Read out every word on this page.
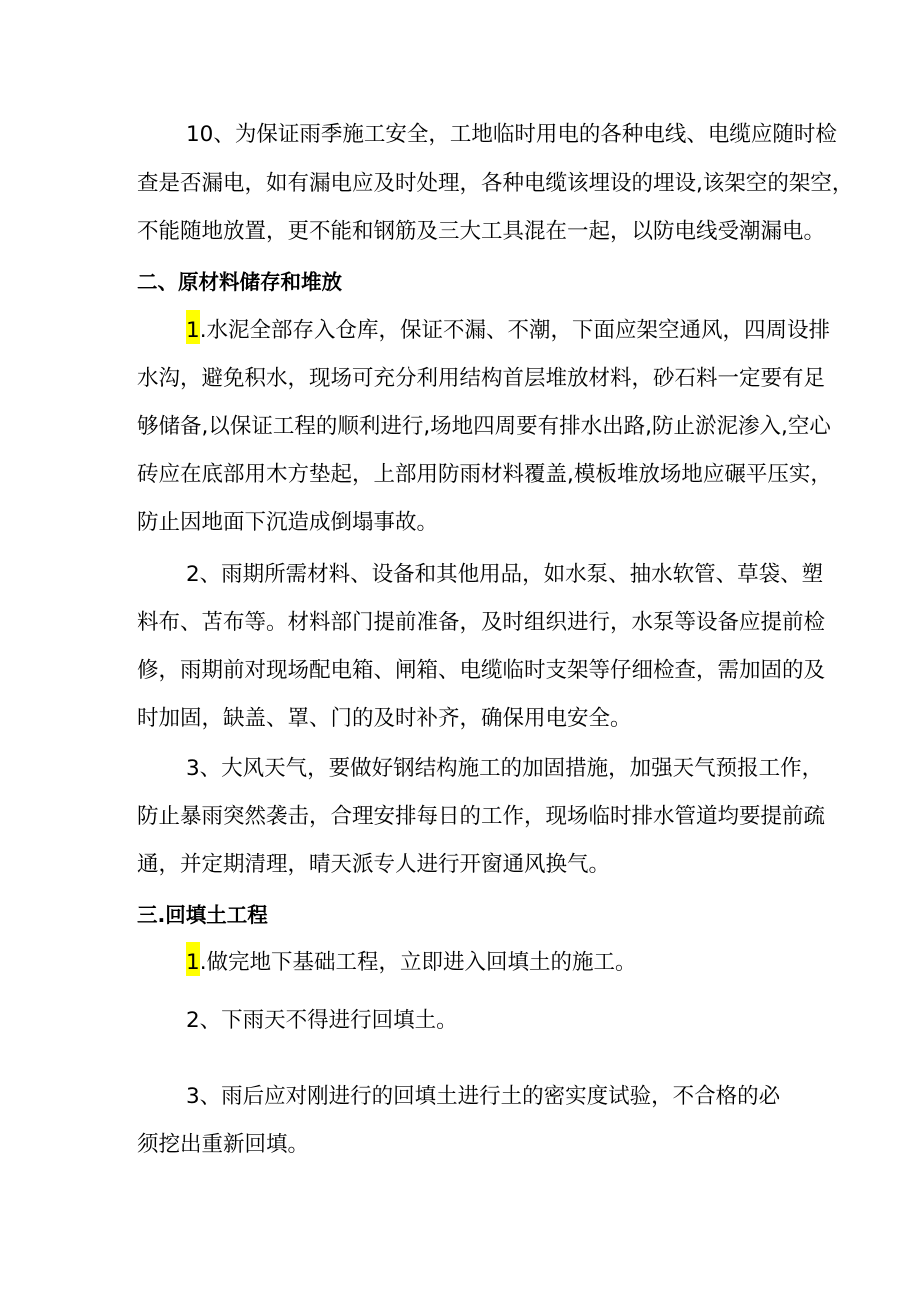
10、为保证雨季施工安全，工地临时用电的各种电线、电缆应随时检
查是否漏电，如有漏电应及时处理，各种电缆该埋设的埋设,该架空的架空，
不能随地放置，更不能和钢筋及三大工具混在一起，以防电线受潮漏电。
二、原材料储存和堆放
1.水泥全部存入仓库，保证不漏、不潮，下面应架空通风，四周设排
水沟，避免积水，现场可充分利用结构首层堆放材料，砂石料一定要有足
够储备,以保证工程的顺利进行,场地四周要有排水出路,防止淤泥渗入,空心
砖应在底部用木方垫起，上部用防雨材料覆盖,模板堆放场地应碾平压实，
防止因地面下沉造成倒塌事故。
2、雨期所需材料、设备和其他用品，如水泵、抽水软管、草袋、塑
料布、苫布等。材料部门提前准备，及时组织进行，水泵等设备应提前检
修，雨期前对现场配电箱、闸箱、电缆临时支架等仔细检查，需加固的及
时加固，缺盖、罩、门的及时补齐，确保用电安全。
3、大风天气，要做好钢结构施工的加固措施，加强天气预报工作，
防止暴雨突然袭击，合理安排每日的工作，现场临时排水管道均要提前疏
通，并定期清理，晴天派专人进行开窗通风换气。
三.回填土工程
1.做完地下基础工程，立即进入回填土的施工。
2、下雨天不得进行回填土。
3、雨后应对刚进行的回填土进行土的密实度试验，不合格的必
须挖出重新回填。
